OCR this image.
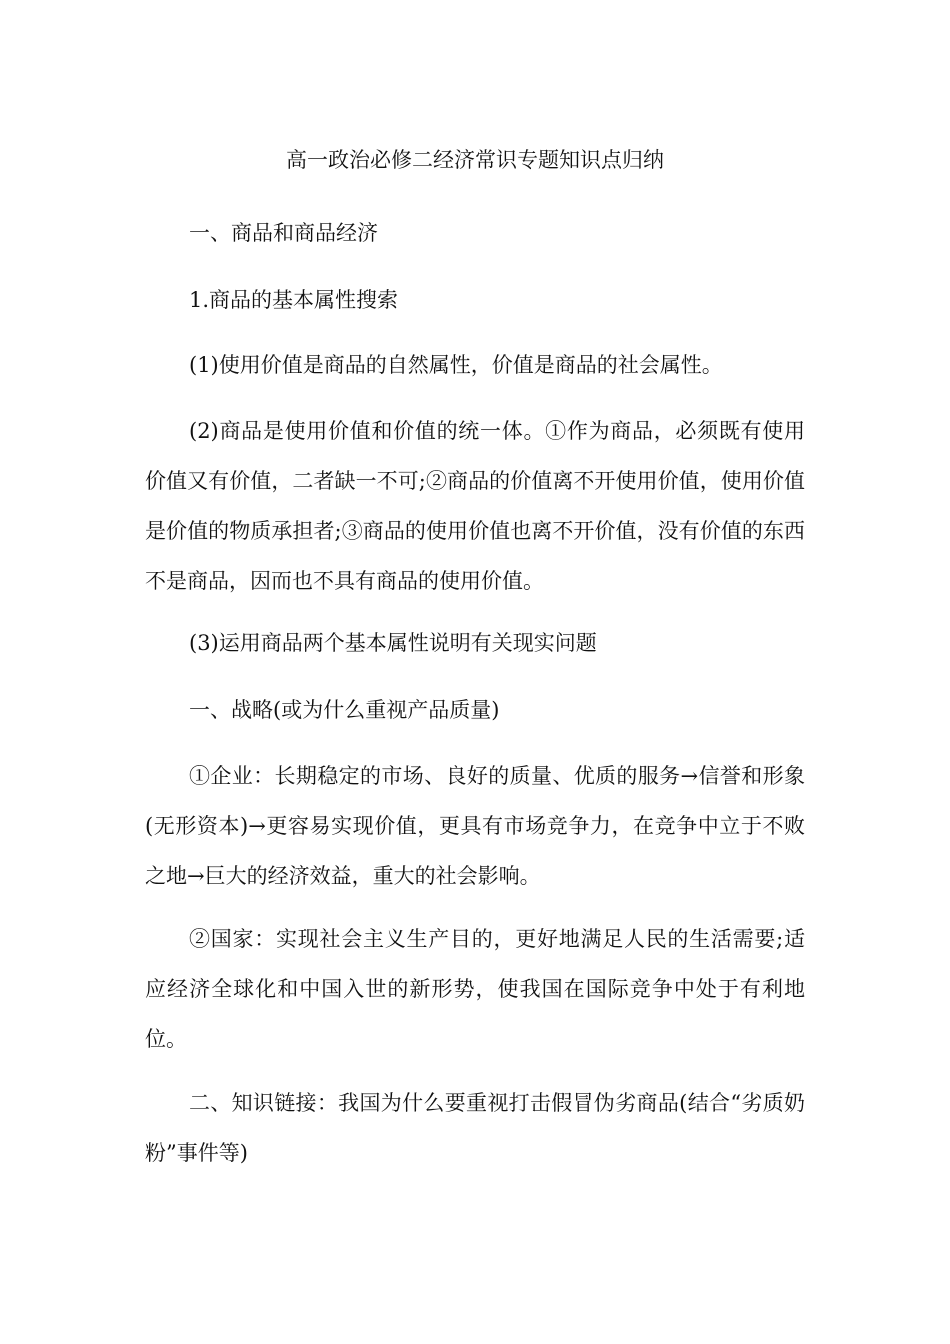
高一政治必修二经济常识专题知识点归纳

一、商品和商品经济

1.商品的基本属性搜索

(1)使用价值是商品的自然属性，价值是商品的社会属性。

(2)商品是使用价值和价值的统一体。①作为商品，必须既有使用价值又有价值，二者缺一不可;②商品的价值离不开使用价值，使用价值是价值的物质承担者;③商品的使用价值也离不开价值，没有价值的东西不是商品，因而也不具有商品的使用价值。

(3)运用商品两个基本属性说明有关现实问题

一、战略(或为什么重视产品质量)

①企业：长期稳定的市场、良好的质量、优质的服务→信誉和形象(无形资本)→更容易实现价值，更具有市场竞争力，在竞争中立于不败之地→巨大的经济效益，重大的社会影响。

②国家：实现社会主义生产目的，更好地满足人民的生活需要;适应经济全球化和中国入世的新形势，使我国在国际竞争中处于有利地位。

二、知识链接：我国为什么要重视打击假冒伪劣商品(结合“劣质奶粉”事件等)
